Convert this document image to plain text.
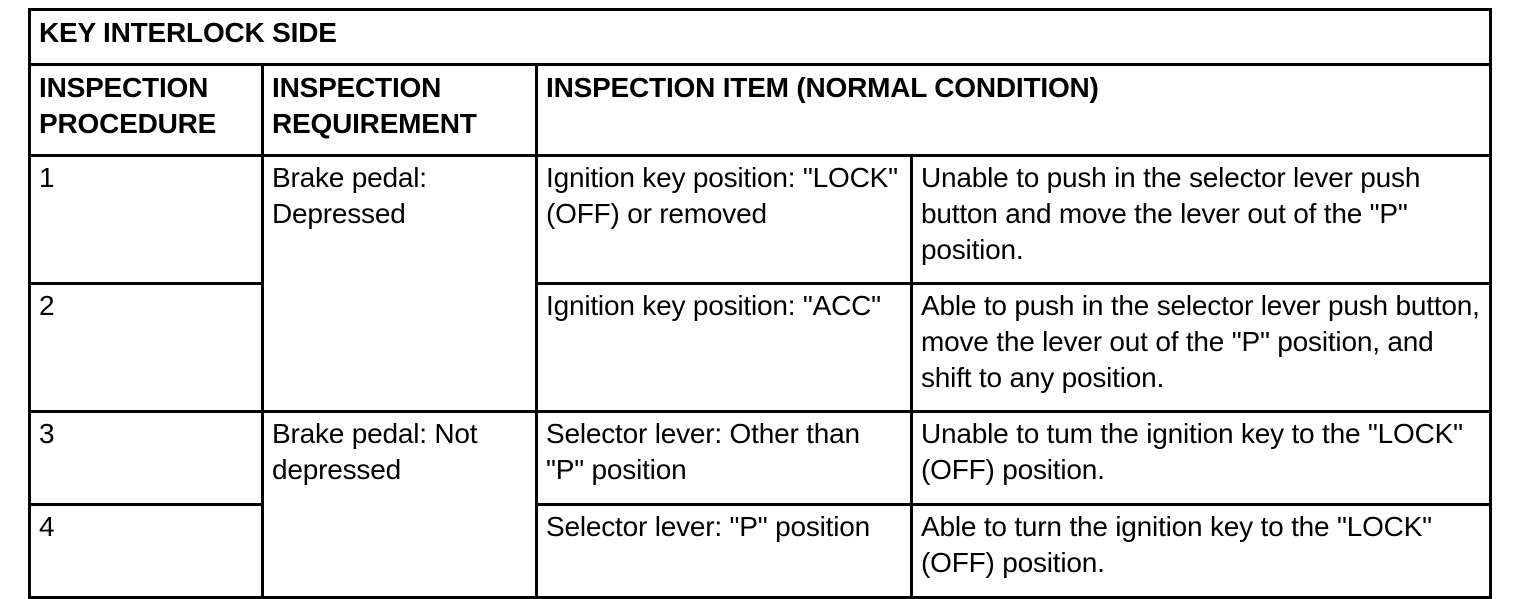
KEY INTERLOCK SIDE			
INSPECTION PROCEDURE	INSPECTION REQUIREMENT	INSPECTION ITEM (NORMAL CONDITION)	
1	Brake pedal: Depressed	Ignition key position: "LOCK" (OFF) or removed	Unable to push in the selector lever push button and move the lever out of the "P" position.
2		Ignition key position: "ACC"	Able to push in the selector lever push button, move the lever out of the "P" position, and shift to any position.
3	Brake pedal: Not depressed	Selector lever: Other than "P" position	Unable to tum the ignition key to the "LOCK" (OFF) position.
4		Selector lever: "P" position	Able to turn the ignition key to the "LOCK" (OFF) position.
